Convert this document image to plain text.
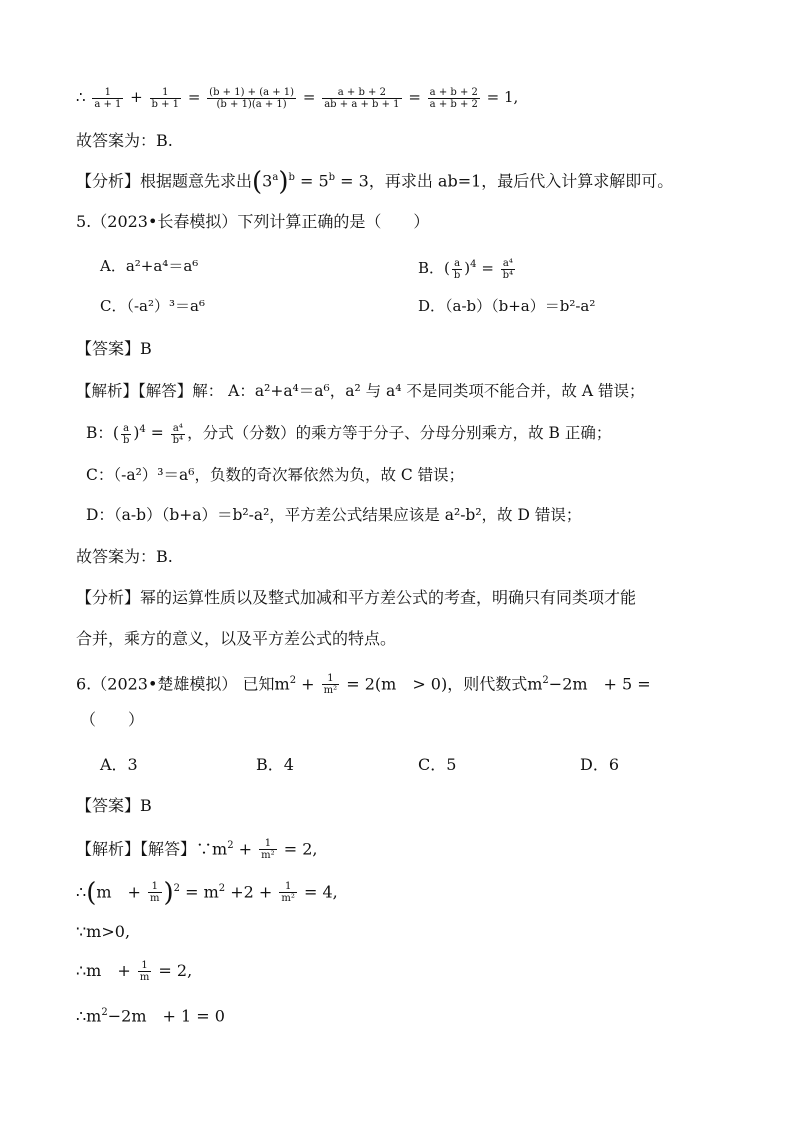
∴ $\frac{1}{a + 1} + \frac{1}{b + 1} = \frac{(b + 1) + (a + 1)}{(b + 1)(a + 1)} = \frac{a + b + 2}{ab + a + b + 1} = \frac{a + b + 2}{a + b + 2} = 1$,
故答案为：B.
【分析】根据题意先求出$(3^a)^b = 5^b = 3$，再求出 ab=1，最后代入计算求解即可。
5.（2023•长春模拟）下列计算正确的是（　　）
A．a²+a⁴＝a⁶	B．( $\frac{a}{b} )^4 = \frac{\text{a⁴}}{\text{b⁴}}$
C．（-a²）³＝a⁶	D．（a-b）（b+a）＝b²-a²
【答案】B
【解析】【解答】解： A：a²+a⁴＝a⁶，a² 与 a⁴ 不是同类项不能合并，故 A 错误；
B：( $\frac{a}{b} )^4 = \frac{\text{a⁴}}{\text{b⁴}}$ ，分式（分数）的乘方等于分子、分母分别乘方，故 B 正确；
C：（-a²）³＝a⁶，负数的奇次幂依然为负，故 C 错误；
D：（a-b）（b+a）＝b²-a²，平方差公式结果应该是 a²-b²，故 D 错误；
故答案为：B.
【分析】幂的运算性质以及整式加减和平方差公式的考查，明确只有同类项才能
合并，乘方的意义，以及平方差公式的特点。
6.（2023•楚雄模拟） 已知$m^2 + \frac{1}{\text{m²}} = 2(m$　> 0)，则代数式$m^2-2m$　+ 5 =
（　　）
A．3	B．4	C．5	D．6
【答案】B
【解析】【解答】$\because m^2 + \frac{1}{\text{m²}} = 2$,
∴(m　+ $\frac{1}{m} )^2 = m^2 +2 + \frac{1}{\text{m²}} = 4$,
∵m>0,
∴m　+ $\frac{1}{m} = 2$,
$\therefore m^2-2m$　+ 1 = 0
